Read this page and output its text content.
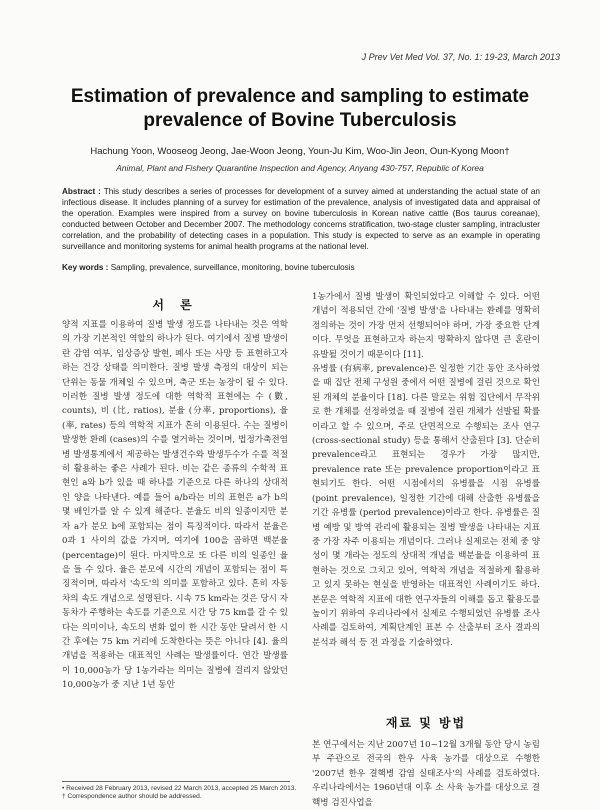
J Prev Vet Med Vol. 37, No. 1: 19-23, March 2013
Estimation of prevalence and sampling to estimate prevalence of Bovine Tuberculosis
Hachung Yoon, Wooseog Jeong, Jae-Woon Jeong, Youn-Ju Kim, Woo-Jin Jeon, Oun-Kyong Moon†
Animal, Plant and Fishery Quarantine Inspection and Agency, Anyang 430-757, Republic of Korea
Abstract : This study describes a series of processes for development of a survey aimed at understanding the actual state of an infectious disease. It includes planning of a survey for estimation of the prevalence, analysis of investigated data and appraisal of the operation. Examples were inspired from a survey on bovine tuberculosis in Korean native cattle (Bos taurus coreanae), conducted between October and December 2007. The methodology concerns stratification, two-stage cluster sampling, intracluster correlation, and the probability of detecting cases in a population. This study is expected to serve as an example in operating surveillance and monitoring systems for animal health programs at the national level.
Key words : Sampling, prevalence, surveillance, monitoring, bovine tuberculosis
서 론

양적 지표를 이용하여 질병 발생 정도를 나타내는 것은 역학의 가장 기본적인 역할의 하나가 된다. 여기에서 질병 발생이란 감염 여부, 임상증상 발현, 폐사 또는 사망 등 표현하고자 하는 건강 상태를 의미한다. 질병 발생 측정의 대상이 되는 단위는 동물 개체일 수 있으며, 축군 또는 농장이 될 수 있다. 이러한 질병 발생 정도에 대한 역학적 표현에는 수 (數, counts), 비 (比, ratios), 분율 (分率, proportions), 율 (率, rates) 등의 역학적 지표가 흔히 이용된다. 수는 질병이 발생한 환례 (cases)의 수를 열거하는 것이며, 법정가축전염병 발생통계에서 제공하는 발생건수와 발생두수가 수를 적절히 활용하는 좋은 사례가 된다. 비는 같은 종류의 수학적 표현인 a와 b가 있을 때 하나를 기준으로 다른 하나의 상대적인 양을 나타낸다. 예를 들어 a/b라는 비의 표현은 a가 b의 몇 배인가를 알 수 있게 해준다. 분율도 비의 일종이지만 분자 a가 분모 b에 포함되는 점이 특징적이다. 따라서 분율은 0과 1 사이의 값을 가지며, 여기에 100을 곱하면 백분율 (percentage)이 된다. 마지막으로 또 다른 비의 일종인 율을 들 수 있다. 율은 분모에 시간의 개념이 포함되는 점이 특징적이며, 따라서 '속도'의 의미를 포함하고 있다. 흔히 자동차의 속도 개념으로 설명된다. 시속 75 km라는 것은 당시 자동차가 주행하는 속도를 기준으로 시간 당 75 km를 갈 수 있다는 의미이나, 속도의 변화 없이 한 시간 동안 달려서 한 시간 후에는 75 km 거리에 도착한다는 뜻은 아니다 [4]. 율의 개념을 적용하는 대표적인 사례는 발생률이다. 연간 발생률이 10,000농가 당 1농가라는 의미는 질병에 걸리지 않았던 10,000농가 중 지난 1년 동안

1농가에서 질병 발생이 확인되었다고 이해할 수 있다. 어떤 개념이 적용되던 간에 '질병 발생'을 나타내는 환례를 명확히 정의하는 것이 가장 먼저 선행되어야 하며, 가장 중요한 단계이다. 무엇을 표현하고자 하는지 명확하지 않다면 큰 혼란이 유발될 것이기 때문이다 [11].

유병률 (有病率, prevalence)은 일정한 기간 동안 조사하였을 때 집단 전체 구성원 중에서 어떤 질병에 걸린 것으로 확인된 개체의 분율이다 [18]. 다른 말로는 위험 집단에서 무작위로 한 개체를 선정하였을 때 질병에 걸린 개체가 선발될 확률이라고 할 수 있으며, 주로 단면적으로 수행되는 조사 연구 (cross-sectional study) 등을 통해서 산출된다 [3]. 단순히 prevalence라고 표현되는 경우가 가장 많지만, prevalence rate 또는 prevalence proportion이라고 표현되기도 한다. 어떤 시점에서의 유병률을 시점 유병률 (point prevalence), 일정한 기간에 대해 산출한 유병률을 기간 유병률 (period prevalence)이라고 한다. 유병률은 질병 예방 및 방역 관리에 활용되는 질병 발생을 나타내는 지표 중 가장 자주 이용되는 개념이다. 그러나 실제로는 전체 중 양성이 몇 개라는 정도의 상대적 개념을 백분율을 이용하여 표현하는 것으로 그치고 있어, 역학적 개념을 적절하게 활용하고 있지 못하는 현실을 반영하는 대표적인 사례이기도 하다. 본문은 역학적 지표에 대한 연구자들의 이해를 돕고 활용도를 높이기 위하여 우리나라에서 실제로 수행되었던 유병률 조사 사례를 검토하여, 계획단계인 표본 수 산출부터 조사 결과의 분석과 해석 등 전 과정을 기술하였다.

재료 및 방법

본 연구에서는 지난 2007년 10~12월 3개월 동안 당시 농림부 주관으로 전국의 한우 사육 농가를 대상으로 수행한 '2007년 한우 결핵병 감염 실태조사'의 사례를 검토하였다. 우리나라에서는 1960년대 이후 소 사육 농가를 대상으로 결핵병 검진사업을

• Received 28 February 2013, revised 22 March 2013, accepted 25 March 2013.
† Correspondence author should be addressed.
